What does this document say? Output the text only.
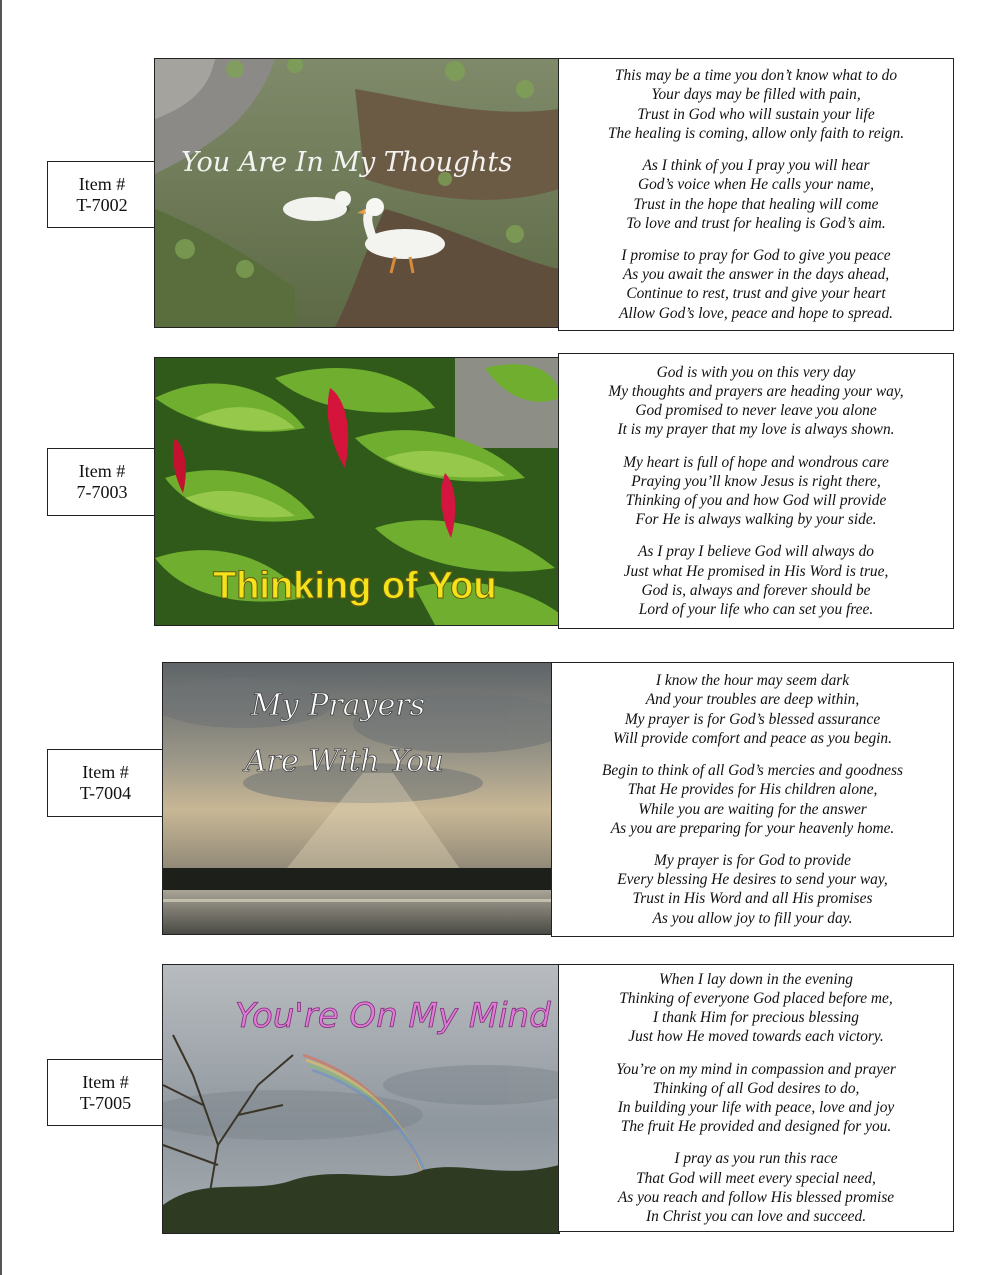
Item #
T-7002
You Are In My Thoughts
This may be a time you don’t know what to do
Your days may be filled with pain,
Trust in God who will sustain your life
The healing is coming, allow only faith to reign.
As I think of you I pray you will hear
God’s voice when He calls your name,
Trust in the hope that healing will come
To love and trust for healing is God’s aim.
I promise to pray for God to give you peace
As you await the answer in the days ahead,
Continue to rest, trust and give your heart
Allow God’s love, peace and hope to spread.
Item #
7-7003
Thinking of You
God is with you on this very day
My thoughts and prayers are heading your way,
God promised to never leave you alone
It is my prayer that my love is always shown.
My heart is full of hope and wondrous care
Praying you’ll know Jesus is right there,
Thinking of you and how God will provide
For He is always walking by your side.
As I pray I believe God will always do
Just what He promised in His Word is true,
God is, always and forever should be
Lord of your life who can set you free.
Item #
T-7004
My Prayers
Are With You
I know the hour may seem dark
And your troubles are deep within,
My prayer is for God’s blessed assurance
Will provide comfort and peace as you begin.
Begin to think of all God’s mercies and goodness
That He provides for His children alone,
While you are waiting for the answer
As you are preparing for your heavenly home.
My prayer is for God to provide
Every blessing He desires to send your way,
Trust in His Word and all His promises
As you allow joy to fill your day.
Item #
T-7005
You're On My Mind
When I lay down in the evening
Thinking of everyone God placed before me,
I thank Him for precious blessing
Just how He moved towards each victory.
You’re on my mind in compassion and prayer
Thinking of all God desires to do,
In building your life with peace, love and joy
The fruit He provided and designed for you.
I pray as you run this race
That God will meet every special need,
As you reach and follow His blessed promise
In Christ you can love and succeed.
